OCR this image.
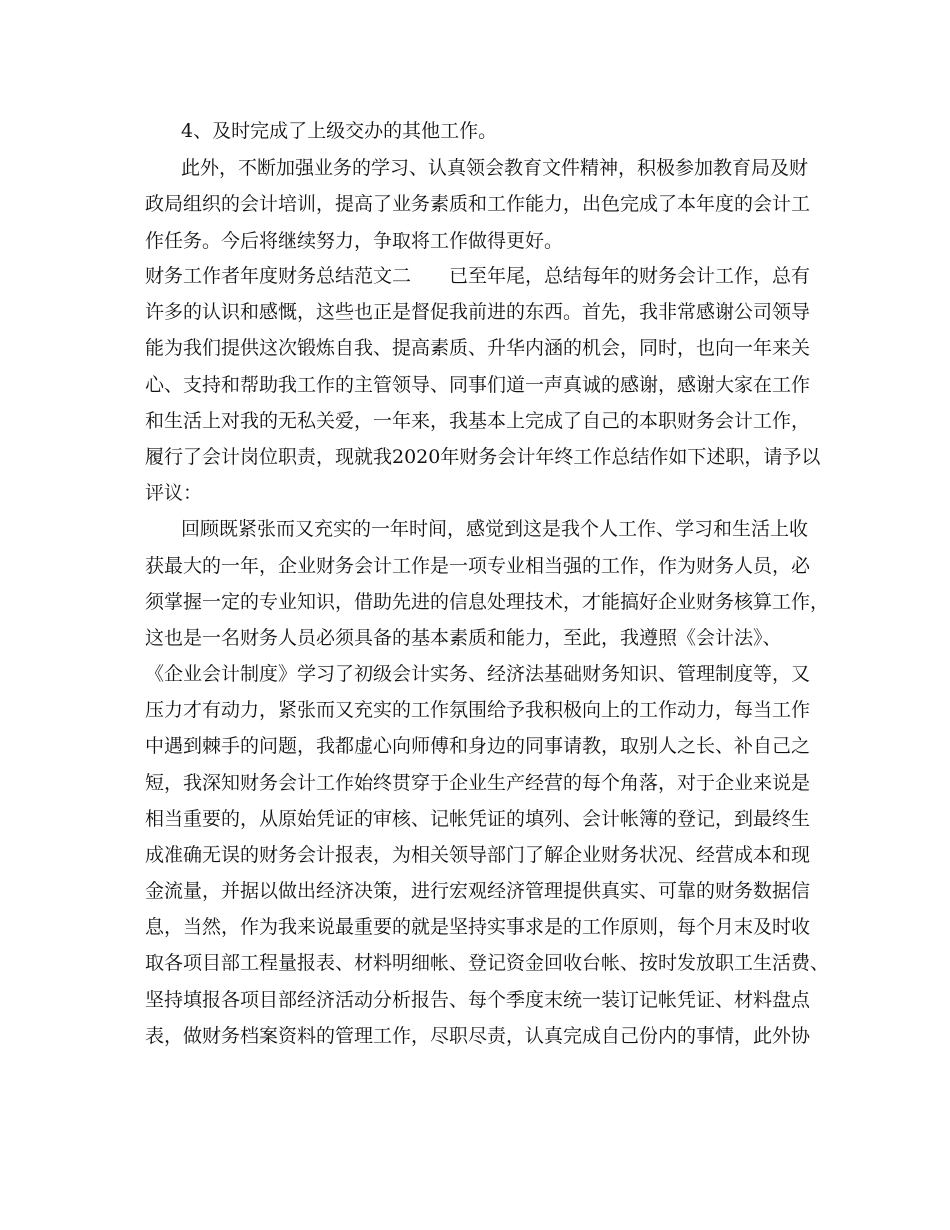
4、及时完成了上级交办的其他工作。
此外，不断加强业务的学习、认真领会教育文件精神，积极参加教育局及财
政局组织的会计培训，提高了业务素质和工作能力，出色完成了本年度的会计工
作任务。今后将继续努力，争取将工作做得更好。
财务工作者年度财务总结范文二　　已至年尾，总结每年的财务会计工作，总有
许多的认识和感慨，这些也正是督促我前进的东西。首先，我非常感谢公司领导
能为我们提供这次锻炼自我、提高素质、升华内涵的机会，同时，也向一年来关
心、支持和帮助我工作的主管领导、同事们道一声真诚的感谢，感谢大家在工作
和生活上对我的无私关爱，一年来，我基本上完成了自己的本职财务会计工作，
履行了会计岗位职责，现就我2020年财务会计年终工作总结作如下述职，请予以
评议：
回顾既紧张而又充实的一年时间，感觉到这是我个人工作、学习和生活上收
获最大的一年，企业财务会计工作是一项专业相当强的工作，作为财务人员，必
须掌握一定的专业知识，借助先进的信息处理技术，才能搞好企业财务核算工作，
这也是一名财务人员必须具备的基本素质和能力，至此，我遵照《会计法》、
《企业会计制度》学习了初级会计实务、经济法基础财务知识、管理制度等，又
压力才有动力，紧张而又充实的工作氛围给予我积极向上的工作动力，每当工作
中遇到棘手的问题，我都虚心向师傅和身边的同事请教，取别人之长、补自己之
短，我深知财务会计工作始终贯穿于企业生产经营的每个角落，对于企业来说是
相当重要的，从原始凭证的审核、记帐凭证的填列、会计帐簿的登记，到最终生
成准确无误的财务会计报表，为相关领导部门了解企业财务状况、经营成本和现
金流量，并据以做出经济决策，进行宏观经济管理提供真实、可靠的财务数据信
息，当然，作为我来说最重要的就是坚持实事求是的工作原则，每个月末及时收
取各项目部工程量报表、材料明细帐、登记资金回收台帐、按时发放职工生活费、
坚持填报各项目部经济活动分析报告、每个季度末统一装订记帐凭证、材料盘点
表，做财务档案资料的管理工作，尽职尽责，认真完成自己份内的事情，此外协
